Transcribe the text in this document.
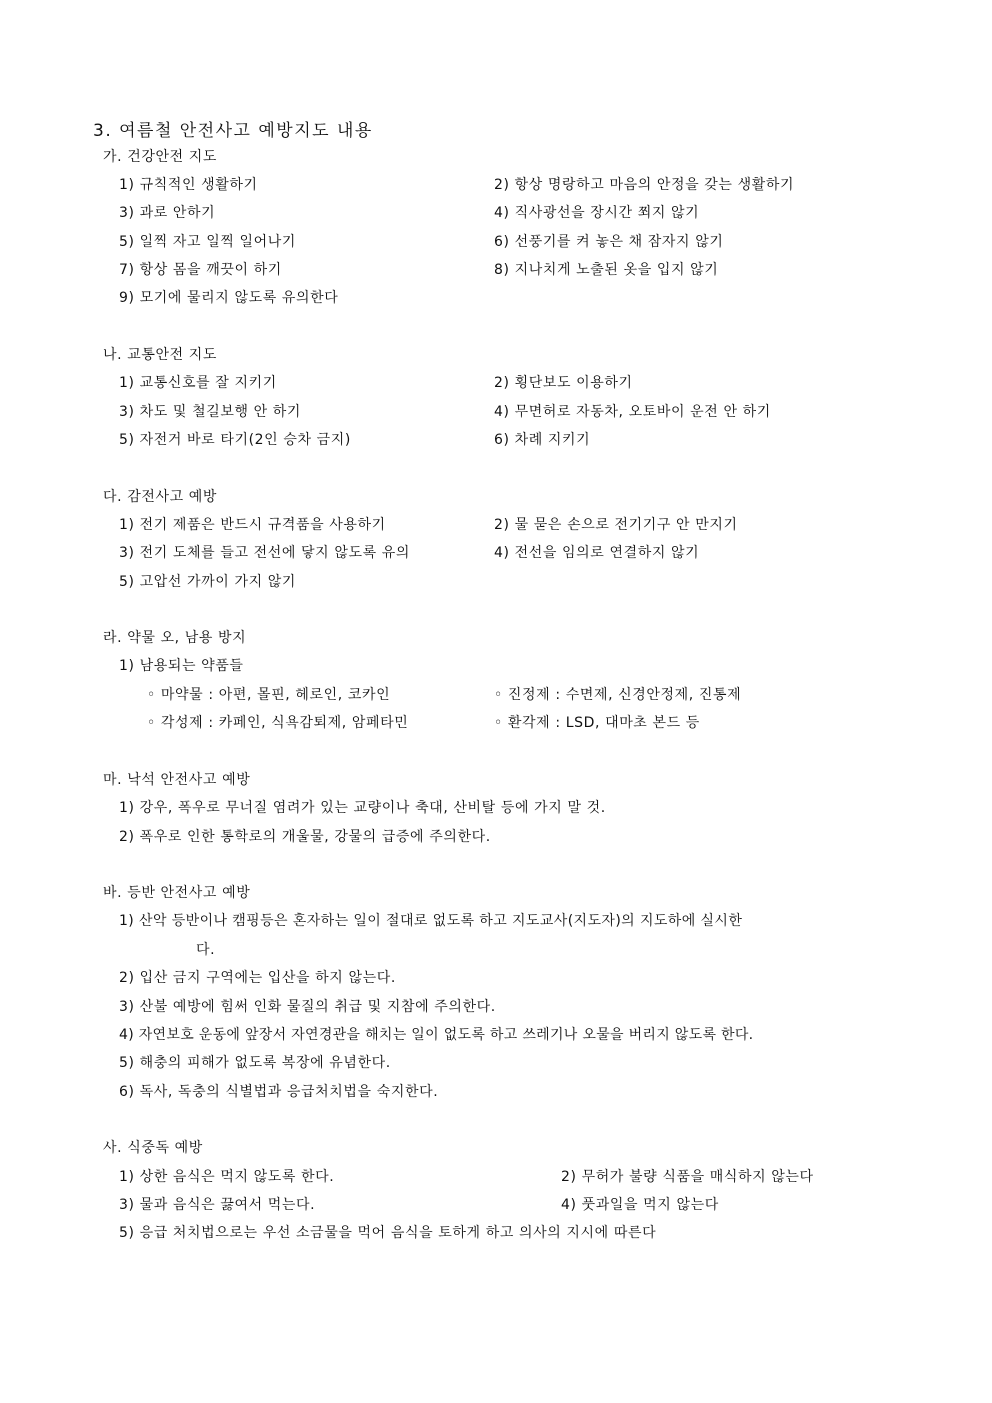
3. 여름철 안전사고 예방지도 내용
가. 건강안전 지도
1) 규칙적인 생활하기	2) 항상 명랑하고 마음의 안정을 갖는 생활하기
3) 과로 안하기	4) 직사광선을 장시간 쬐지 않기
5) 일찍 자고 일찍 일어나기	6) 선풍기를 켜 놓은 채 잠자지 않기
7) 항상 몸을 깨끗이 하기	8) 지나치게 노출된 옷을 입지 않기
9) 모기에 물리지 않도록 유의한다
나. 교통안전 지도
1) 교통신호를 잘 지키기	2) 횡단보도 이용하기
3) 차도 및 철길보행 안 하기	4) 무면허로 자동차, 오토바이 운전 안 하기
5) 자전거 바로 타기(2인 승차 금지)	6) 차례 지키기
다. 감전사고 예방
1) 전기 제품은 반드시 규격품을 사용하기	2) 물 묻은 손으로 전기기구 안 만지기
3) 전기 도체를 들고 전선에 닿지 않도록 유의	4) 전선을 임의로 연결하지 않기
5) 고압선 가까이 가지 않기
라. 약물 오, 남용 방지
1) 남용되는 약품들
◦ 마약물 : 아편, 몰핀, 헤로인, 코카인	◦ 진정제 : 수면제, 신경안정제, 진통제
◦ 각성제 : 카페인, 식욕감퇴제, 암페타민	◦ 환각제 : LSD, 대마초 본드 등
마. 낙석 안전사고 예방
1) 강우, 폭우로 무너질 염려가 있는 교량이나 축대, 산비탈 등에 가지 말 것.
2) 폭우로 인한 통학로의 개울물, 강물의 급증에 주의한다.
바. 등반 안전사고 예방
1) 산악 등반이나 캠핑등은 혼자하는 일이 절대로 없도록 하고 지도교사(지도자)의 지도하에 실시한
다.
2) 입산 금지 구역에는 입산을 하지 않는다.
3) 산불 예방에 힘써 인화 물질의 취급 및 지참에 주의한다.
4) 자연보호 운동에 앞장서 자연경관을 해치는 일이 없도록 하고 쓰레기나 오물을 버리지 않도록 한다.
5) 해충의 피해가 없도록 복장에 유념한다.
6) 독사, 독충의 식별법과 응급처치법을 숙지한다.
사. 식중독 예방
1) 상한 음식은 먹지 않도록 한다.	2) 무허가 불량 식품을 매식하지 않는다
3) 물과 음식은 끓여서 먹는다.	4) 풋과일을 먹지 않는다
5) 응급 처치법으로는 우선 소금물을 먹어 음식을 토하게 하고 의사의 지시에 따른다
